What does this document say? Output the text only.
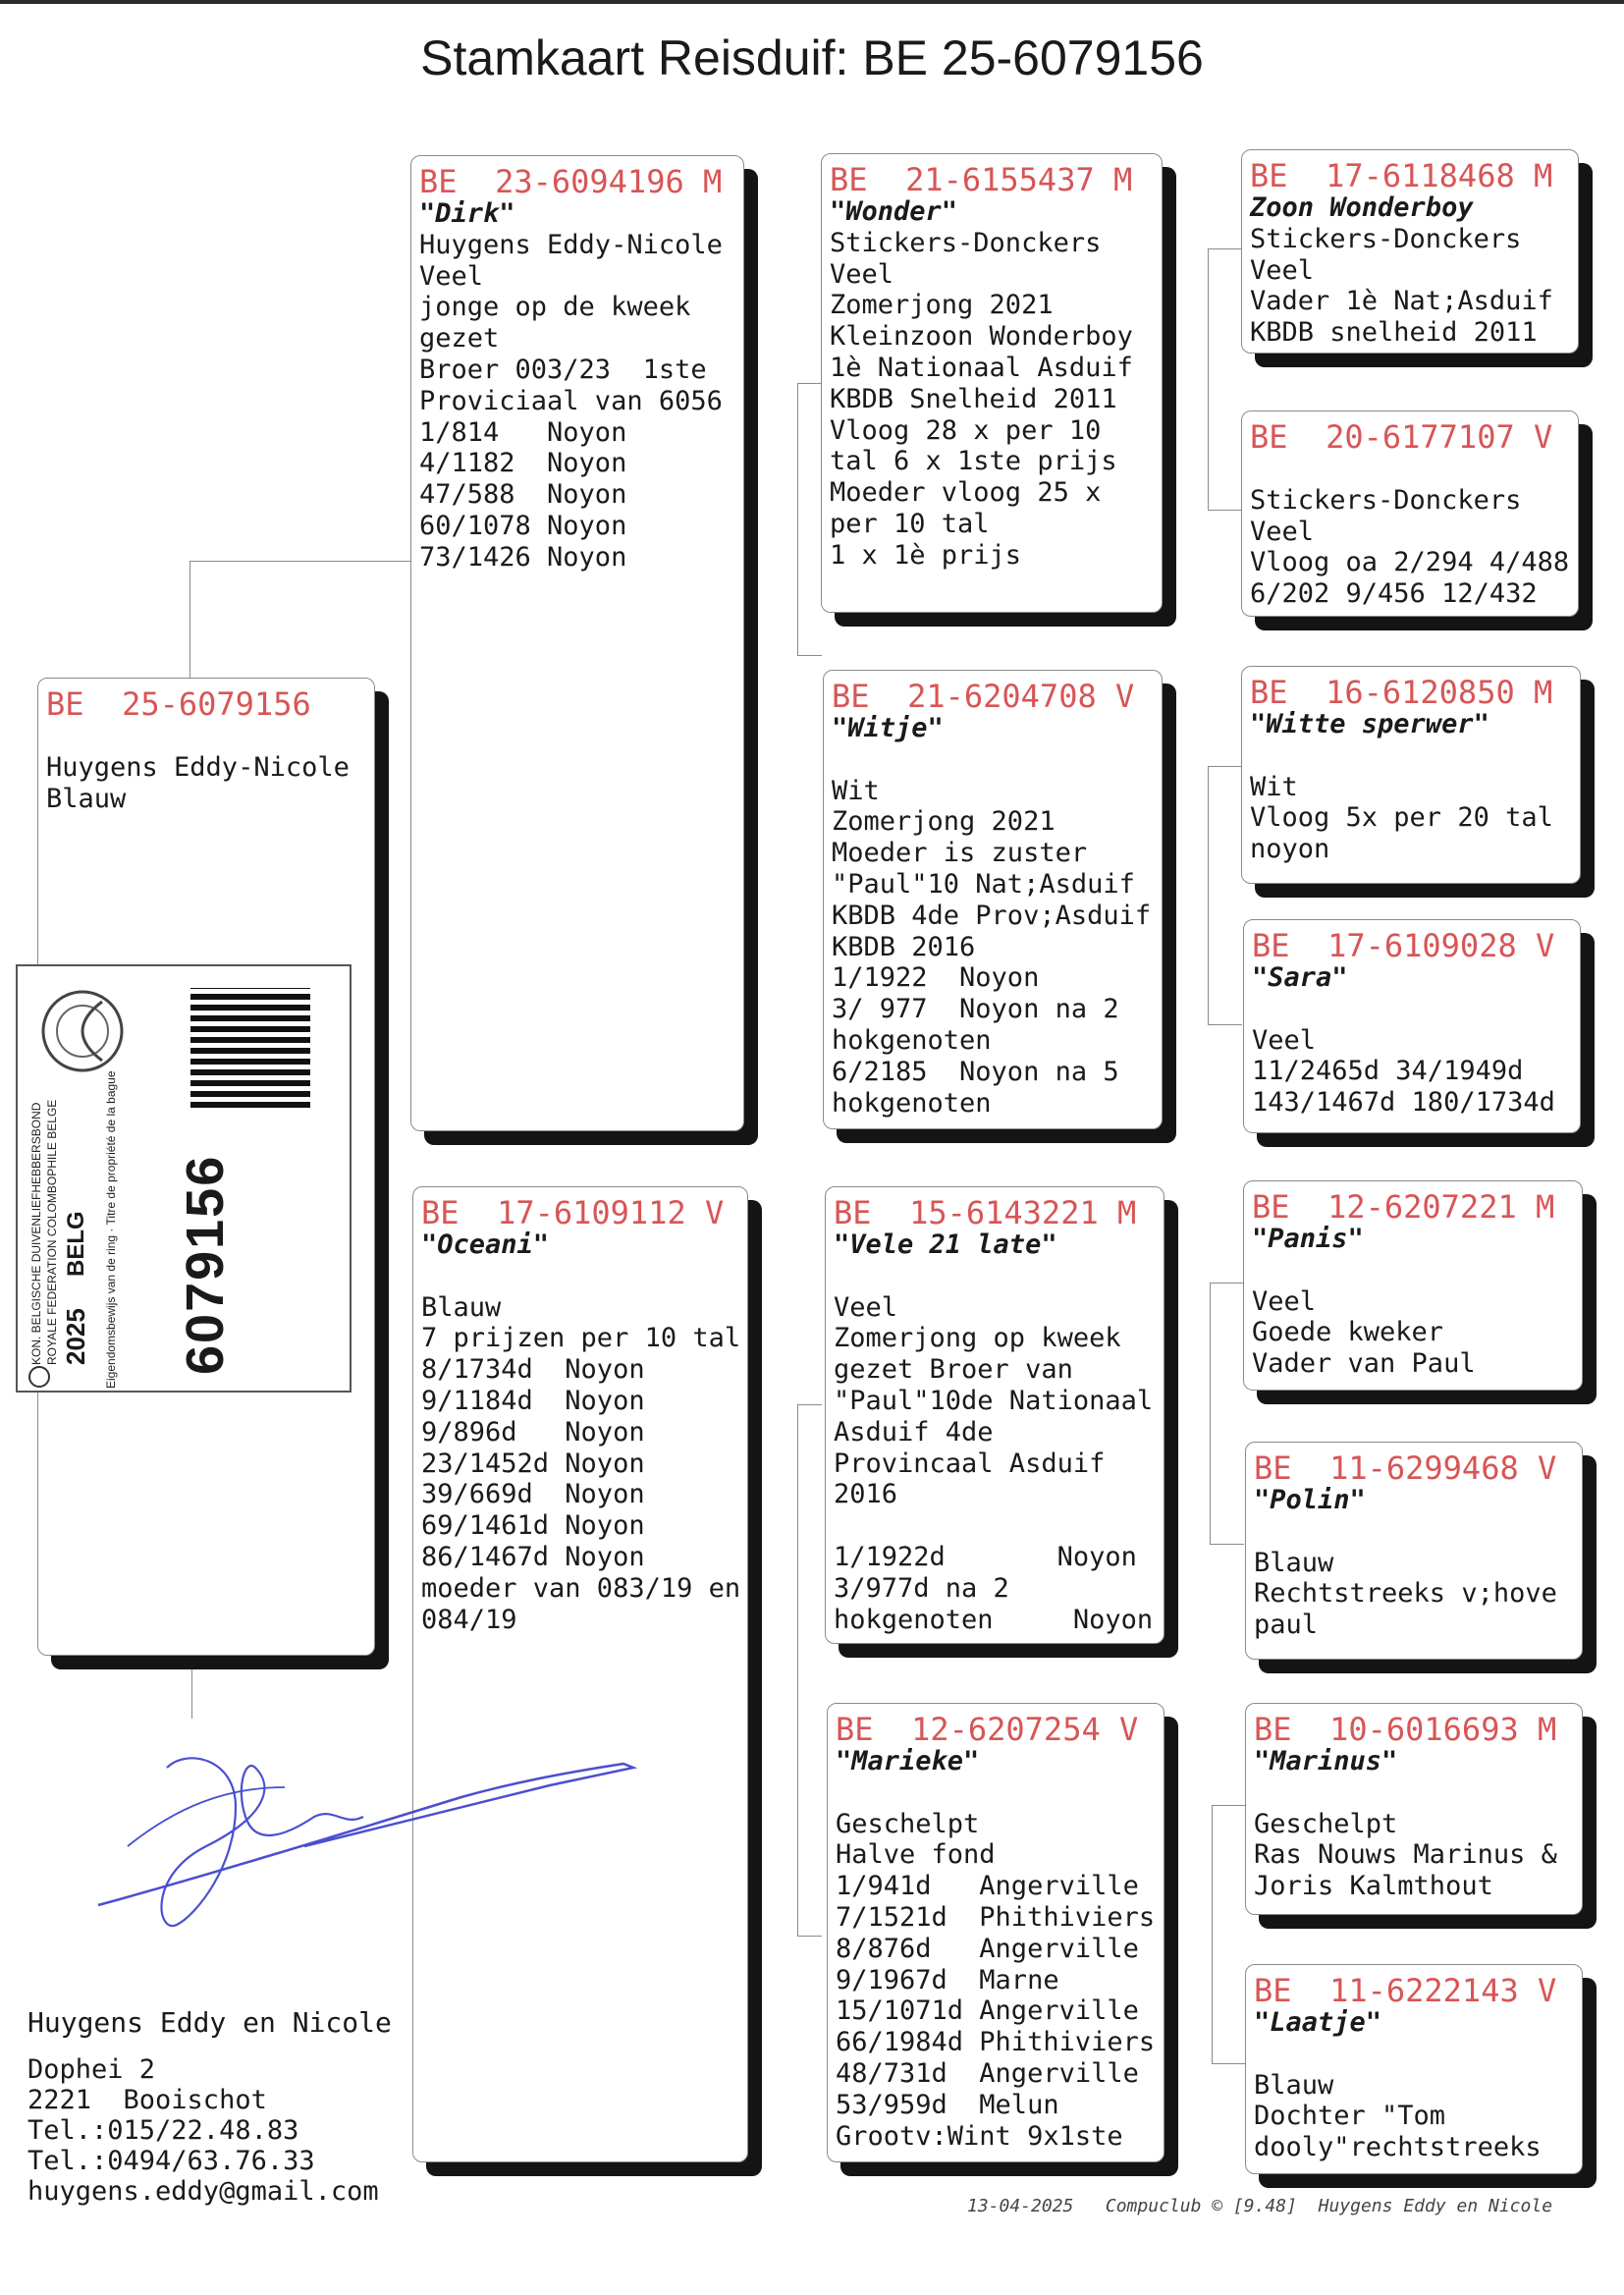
Stamkaart Reisduif: BE 25-6079156
BE  25-6079156
Huygens Eddy-Nicole
Blauw
BE  23-6094196 M
"Dirk"
Huygens Eddy-Nicole
Veel
jonge op de kweek
gezet
Broer 003/23  1ste
Proviciaal van 6056
1/814   Noyon
4/1182  Noyon
47/588  Noyon
60/1078 Noyon
73/1426 Noyon
BE  17-6109112 V
"Oceani"
Blauw
7 prijzen per 10 tal
8/1734d  Noyon
9/1184d  Noyon
9/896d   Noyon
23/1452d Noyon
39/669d  Noyon
69/1461d Noyon
86/1467d Noyon
moeder van 083/19 en
084/19
BE  21-6155437 M
"Wonder"
Stickers-Donckers
Veel
Zomerjong 2021
Kleinzoon Wonderboy
1è Nationaal Asduif
KBDB Snelheid 2011
Vloog 28 x per 10
tal 6 x 1ste prijs
Moeder vloog 25 x
per 10 tal
1 x 1è prijs
BE  21-6204708 V
"Witje"
Wit
Zomerjong 2021
Moeder is zuster
"Paul"10 Nat;Asduif
KBDB 4de Prov;Asduif
KBDB 2016
1/1922  Noyon
3/ 977  Noyon na 2
hokgenoten
6/2185  Noyon na 5
hokgenoten
BE  15-6143221 M
"Vele 21 late"
Veel
Zomerjong op kweek
gezet Broer van
"Paul"10de Nationaal
Asduif 4de
Provincaal Asduif
2016
1/1922d       Noyon
3/977d na 2
hokgenoten     Noyon
BE  12-6207254 V
"Marieke"
Geschelpt
Halve fond
1/941d   Angerville
7/1521d  Phithiviers
8/876d   Angerville
9/1967d  Marne
15/1071d Angerville
66/1984d Phithiviers
48/731d  Angerville
53/959d  Melun
Grootv:Wint 9x1ste
BE  17-6118468 M
Zoon Wonderboy
Stickers-Donckers
Veel
Vader 1è Nat;Asduif
KBDB snelheid 2011
BE  20-6177107 V
Stickers-Donckers
Veel
Vloog oa 2/294 4/488
6/202 9/456 12/432
BE  16-6120850 M
"Witte sperwer"
Wit
Vloog 5x per 20 tal
noyon
BE  17-6109028 V
"Sara"
Veel
11/2465d 34/1949d
143/1467d 180/1734d
BE  12-6207221 M
"Panis"
Veel
Goede kweker
Vader van Paul
BE  11-6299468 V
"Polin"
Blauw
Rechtstreeks v;hove
paul
BE  10-6016693 M
"Marinus"
Geschelpt
Ras Nouws Marinus &
Joris Kalmthout
BE  11-6222143 V
"Laatje"
Blauw
Dochter "Tom
dooly"rechtstreeks
KON. BELGISCHE DUIVENLIEFHEBBERSBOND ROYALE FEDERATION COLOMBOPHILE BELGE 2025
BELG Eigendomsbewijs van de ring · Titre de propriété de la bague 6079156
Huygens Eddy en Nicole
Dophei 2
2221  Booischot
Tel.:015/22.48.83
Tel.:0494/63.76.33
huygens.eddy@gmail.com	13-04-2025   Compuclub © [9.48]  Huygens Eddy en Nicole
